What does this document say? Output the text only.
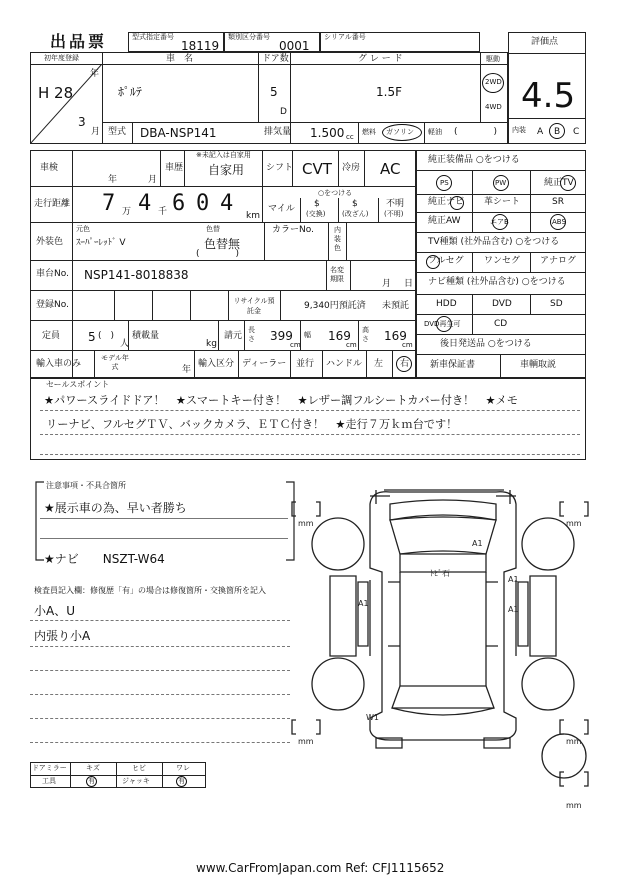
出品票	型式指定番号
18119
類別区分番号
0001
シリアル番号	評価点
4.5
初年度登録
年
H 28
3
月
車　名
ﾎﾟﾙﾃ
型式 DBA-NSP141
ドア数
5
D
グ レ ー ド
1.5F
駆動
2WD
4WD
排気量 1.500 cc
燃料 ガソリン 軽油 (　　　　) 内装 A B C
車検
年	月
車歴
※未記入は自家用
自家用 シフト CVT 冷房 AC
走行距離 7 万 4 千 6 0 4 km
○をつける
マイル $
(交換)
$
(改ざん)
不明
(不明)
外装色
元色
ｽｰﾊﾟｰﾚｯﾄﾞ V
色替
色替無
(　　　　)
カラーNo.	内装色
車台No. NSP141-8018838	名変期限	月 日
登録No.	リサイクル預託金	9,340円預託済 未預託
定員 5 (　)
人
積載量
kg
請元
長さ 399
cm
幅 169
cm
高さ 169
cm
輸入車のみ
モデル年式	年
輸入区分 ディーラー 並行 ハンドル 左 右
純正装備品 ○をつける
PS	PW	純正TV
純正ナビ 革シート	SR
純正AW	エアB	ABS
TV種類 (社外品含む) ○をつける
フルセグ ワンセグ アナログ
ナビ種類 (社外品含む) ○をつける
HDD	DVD	SD
DVD再生可	CD
後日発送品 ○をつける
新車保証書	車輌取説
セールスポイント
★パワースライドドア！　★スマートキー付き！　★レザー調フルシートカバー付き！　★メモ
リーナビ、フルセグＴＶ、バックカメラ、ＥＴＣ付き！　★走行７万ｋｍ台です！
注意事項・不具合箇所
★展示車の為、早い者勝ち
★ナビ　　NSZT-W64
検査員記入欄：修復歴「有」の場合は修復箇所・交換箇所を記入
小A、U
内張り小A
ドアミラー	キズ	ヒビ	ワレ
工具	有	ジャッキ	有
mm	mm
mm	mm
mm
A1
ﾄﾋﾞ石
A1
A1
A1
W1
www.CarFromJapan.com Ref: CFJ1115652
